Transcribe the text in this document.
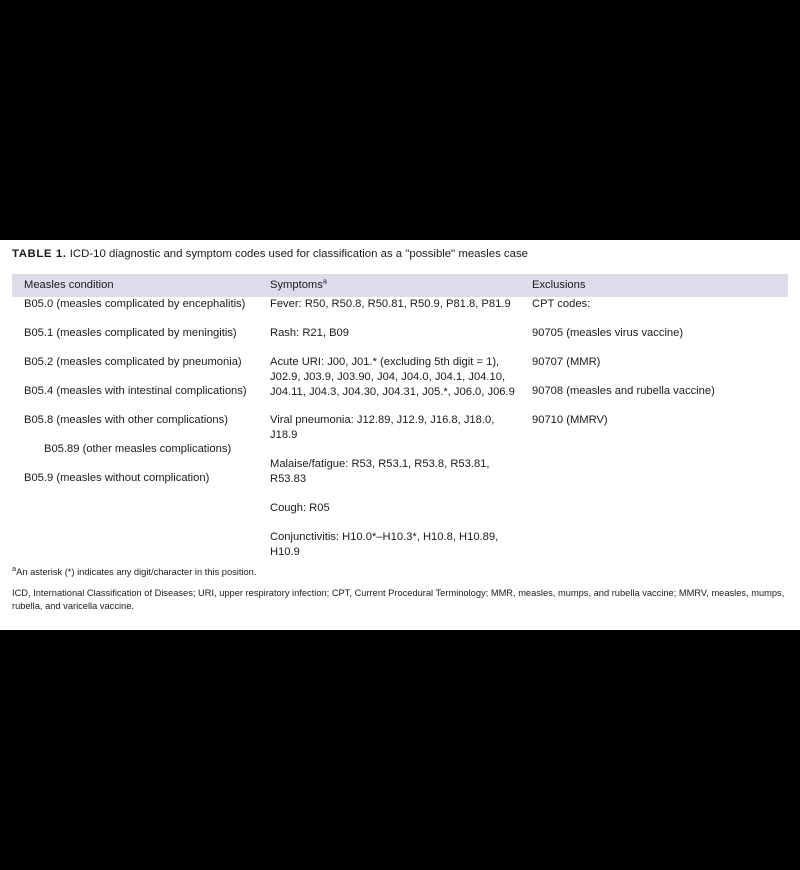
TABLE 1. ICD-10 diagnostic and symptom codes used for classification as a "possible" measles case
Measles condition	Symptoms$^a$	Exclusions
B05.0 (measles complicated by encephalitis)
B05.1 (measles complicated by meningitis)
B05.2 (measles complicated by pneumonia)
B05.4 (measles with intestinal complications)
B05.8 (measles with other complications)
B05.89 (other measles complications)
B05.9 (measles without complication)
Fever: R50, R50.8, R50.81, R50.9, P81.8, P81.9
Rash: R21, B09
Acute URI: J00, J01.* (excluding 5th digit = 1), J02.9, J03.9, J03.90, J04, J04.0, J04.1, J04.10, J04.11, J04.3, J04.30, J04.31, J05.*, J06.0, J06.9
Viral pneumonia: J12.89, J12.9, J16.8, J18.0, J18.9
Malaise/fatigue: R53, R53.1, R53.8, R53.81, R53.83
Cough: R05
Conjunctivitis: H10.0*–H10.3*, H10.8, H10.89, H10.9
CPT codes:
90705 (measles virus vaccine)
90707 (MMR)
90708 (measles and rubella vaccine)
90710 (MMRV)

$^a$An asterisk (*) indicates any digit/character in this position.

ICD, International Classification of Diseases; URI, upper respiratory infection; CPT, Current Procedural Terminology; MMR, measles, mumps, and rubella vaccine; MMRV, measles, mumps, rubella, and varicella vaccine.
